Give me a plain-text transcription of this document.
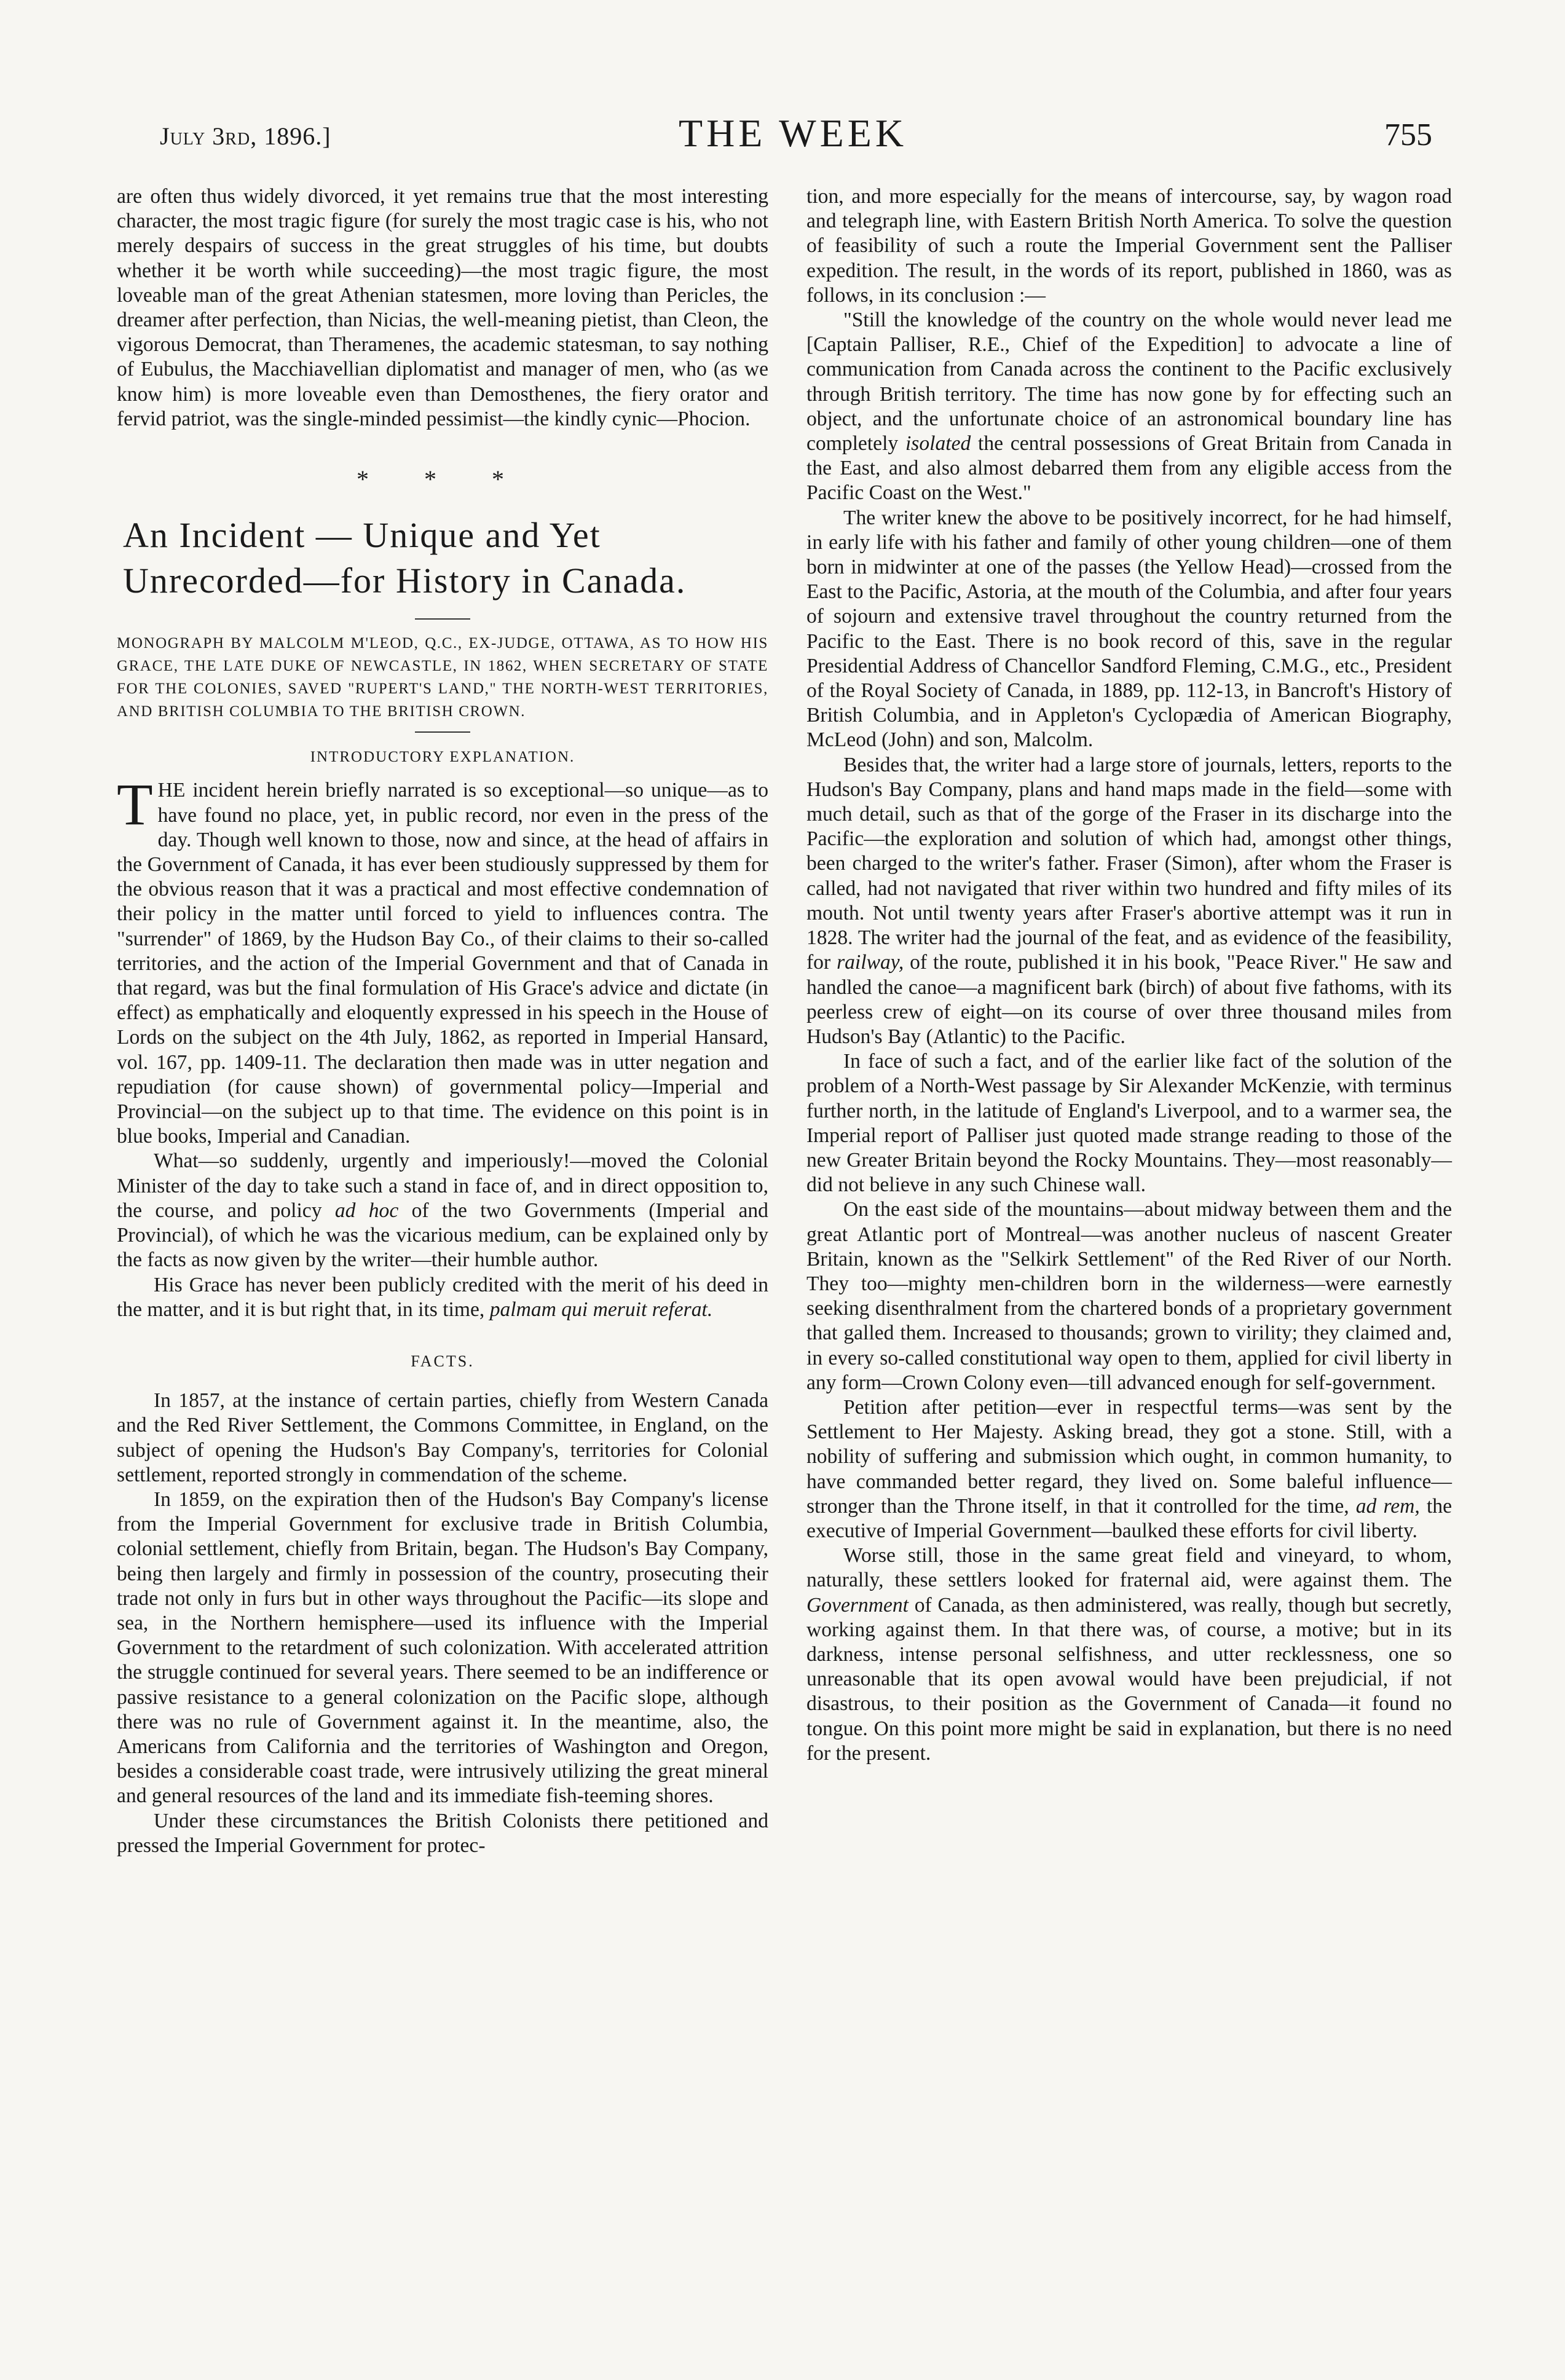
July 3rd, 1896.]	THE WEEK	755

are often thus widely divorced, it yet remains true that the most interesting character, the most tragic figure (for surely the most tragic case is his, who not merely despairs of success in the great struggles of his time, but doubts whether it be worth while succeeding)—the most tragic figure, the most loveable man of the great Athenian statesmen, more loving than Pericles, the dreamer after perfection, than Nicias, the well-meaning pietist, than Cleon, the vigorous Democrat, than Theramenes, the academic statesman, to say nothing of Eubulus, the Macchiavellian diplomatist and manager of men, who (as we know him) is more loveable even than Demosthenes, the fiery orator and fervid patriot, was the single-minded pessimist—the kindly cynic—Phocion.

* * *
An Incident — Unique and Yet Unrecorded—for History in Canada.

MONOGRAPH BY MALCOLM M'LEOD, Q.C., EX-JUDGE, OTTAWA, AS TO HOW HIS GRACE, THE LATE DUKE OF NEWCASTLE, IN 1862, WHEN SECRETARY OF STATE FOR THE COLONIES, SAVED "RUPERT'S LAND," THE NORTH-WEST TERRITORIES, AND BRITISH COLUMBIA TO THE BRITISH CROWN.

INTRODUCTORY EXPLANATION.

THE incident herein briefly narrated is so exceptional—so unique—as to have found no place, yet, in public record, nor even in the press of the day. Though well known to those, now and since, at the head of affairs in the Government of Canada, it has ever been studiously suppressed by them for the obvious reason that it was a practical and most effective condemnation of their policy in the matter until forced to yield to influences contra. The "surrender" of 1869, by the Hudson Bay Co., of their claims to their so-called territories, and the action of the Imperial Government and that of Canada in that regard, was but the final formulation of His Grace's advice and dictate (in effect) as emphatically and eloquently expressed in his speech in the House of Lords on the subject on the 4th July, 1862, as reported in Imperial Hansard, vol. 167, pp. 1409-11. The declaration then made was in utter negation and repudiation (for cause shown) of governmental policy—Imperial and Provincial—on the subject up to that time. The evidence on this point is in blue books, Imperial and Canadian.

What—so suddenly, urgently and imperiously!—moved the Colonial Minister of the day to take such a stand in face of, and in direct opposition to, the course, and policy ad hoc of the two Governments (Imperial and Provincial), of which he was the vicarious medium, can be explained only by the facts as now given by the writer—their humble author.

His Grace has never been publicly credited with the merit of his deed in the matter, and it is but right that, in its time, palmam qui meruit referat.

FACTS.

In 1857, at the instance of certain parties, chiefly from Western Canada and the Red River Settlement, the Commons Committee, in England, on the subject of opening the Hudson's Bay Company's, territories for Colonial settlement, reported strongly in commendation of the scheme.

In 1859, on the expiration then of the Hudson's Bay Company's license from the Imperial Government for exclusive trade in British Columbia, colonial settlement, chiefly from Britain, began. The Hudson's Bay Company, being then largely and firmly in possession of the country, prosecuting their trade not only in furs but in other ways throughout the Pacific—its slope and sea, in the Northern hemisphere—used its influence with the Imperial Government to the retardment of such colonization. With accelerated attrition the struggle continued for several years. There seemed to be an indifference or passive resistance to a general colonization on the Pacific slope, although there was no rule of Government against it. In the meantime, also, the Americans from California and the territories of Washington and Oregon, besides a considerable coast trade, were intrusively utilizing the great mineral and general resources of the land and its immediate fish-teeming shores.

Under these circumstances the British Colonists there petitioned and pressed the Imperial Government for protec-

tion, and more especially for the means of intercourse, say, by wagon road and telegraph line, with Eastern British North America. To solve the question of feasibility of such a route the Imperial Government sent the Palliser expedition. The result, in the words of its report, published in 1860, was as follows, in its conclusion :—

"Still the knowledge of the country on the whole would never lead me [Captain Palliser, R.E., Chief of the Expedition] to advocate a line of communication from Canada across the continent to the Pacific exclusively through British territory. The time has now gone by for effecting such an object, and the unfortunate choice of an astronomical boundary line has completely isolated the central possessions of Great Britain from Canada in the East, and also almost debarred them from any eligible access from the Pacific Coast on the West."

The writer knew the above to be positively incorrect, for he had himself, in early life with his father and family of other young children—one of them born in midwinter at one of the passes (the Yellow Head)—crossed from the East to the Pacific, Astoria, at the mouth of the Columbia, and after four years of sojourn and extensive travel throughout the country returned from the Pacific to the East. There is no book record of this, save in the regular Presidential Address of Chancellor Sandford Fleming, C.M.G., etc., President of the Royal Society of Canada, in 1889, pp. 112-13, in Bancroft's History of British Columbia, and in Appleton's Cyclopædia of American Biography, McLeod (John) and son, Malcolm.

Besides that, the writer had a large store of journals, letters, reports to the Hudson's Bay Company, plans and hand maps made in the field—some with much detail, such as that of the gorge of the Fraser in its discharge into the Pacific—the exploration and solution of which had, amongst other things, been charged to the writer's father. Fraser (Simon), after whom the Fraser is called, had not navigated that river within two hundred and fifty miles of its mouth. Not until twenty years after Fraser's abortive attempt was it run in 1828. The writer had the journal of the feat, and as evidence of the feasibility, for railway, of the route, published it in his book, "Peace River." He saw and handled the canoe—a magnificent bark (birch) of about five fathoms, with its peerless crew of eight—on its course of over three thousand miles from Hudson's Bay (Atlantic) to the Pacific.

In face of such a fact, and of the earlier like fact of the solution of the problem of a North-West passage by Sir Alexander McKenzie, with terminus further north, in the latitude of England's Liverpool, and to a warmer sea, the Imperial report of Palliser just quoted made strange reading to those of the new Greater Britain beyond the Rocky Mountains. They—most reasonably—did not believe in any such Chinese wall.

On the east side of the mountains—about midway between them and the great Atlantic port of Montreal—was another nucleus of nascent Greater Britain, known as the "Selkirk Settlement" of the Red River of our North. They too—mighty men-children born in the wilderness—were earnestly seeking disenthralment from the chartered bonds of a proprietary government that galled them. Increased to thousands; grown to virility; they claimed and, in every so-called constitutional way open to them, applied for civil liberty in any form—Crown Colony even—till advanced enough for self-government.

Petition after petition—ever in respectful terms—was sent by the Settlement to Her Majesty. Asking bread, they got a stone. Still, with a nobility of suffering and submission which ought, in common humanity, to have commanded better regard, they lived on. Some baleful influence—stronger than the Throne itself, in that it controlled for the time, ad rem, the executive of Imperial Government—baulked these efforts for civil liberty.

Worse still, those in the same great field and vineyard, to whom, naturally, these settlers looked for fraternal aid, were against them. The Government of Canada, as then administered, was really, though but secretly, working against them. In that there was, of course, a motive; but in its darkness, intense personal selfishness, and utter recklessness, one so unreasonable that its open avowal would have been prejudicial, if not disastrous, to their position as the Government of Canada—it found no tongue. On this point more might be said in explanation, but there is no need for the present.
